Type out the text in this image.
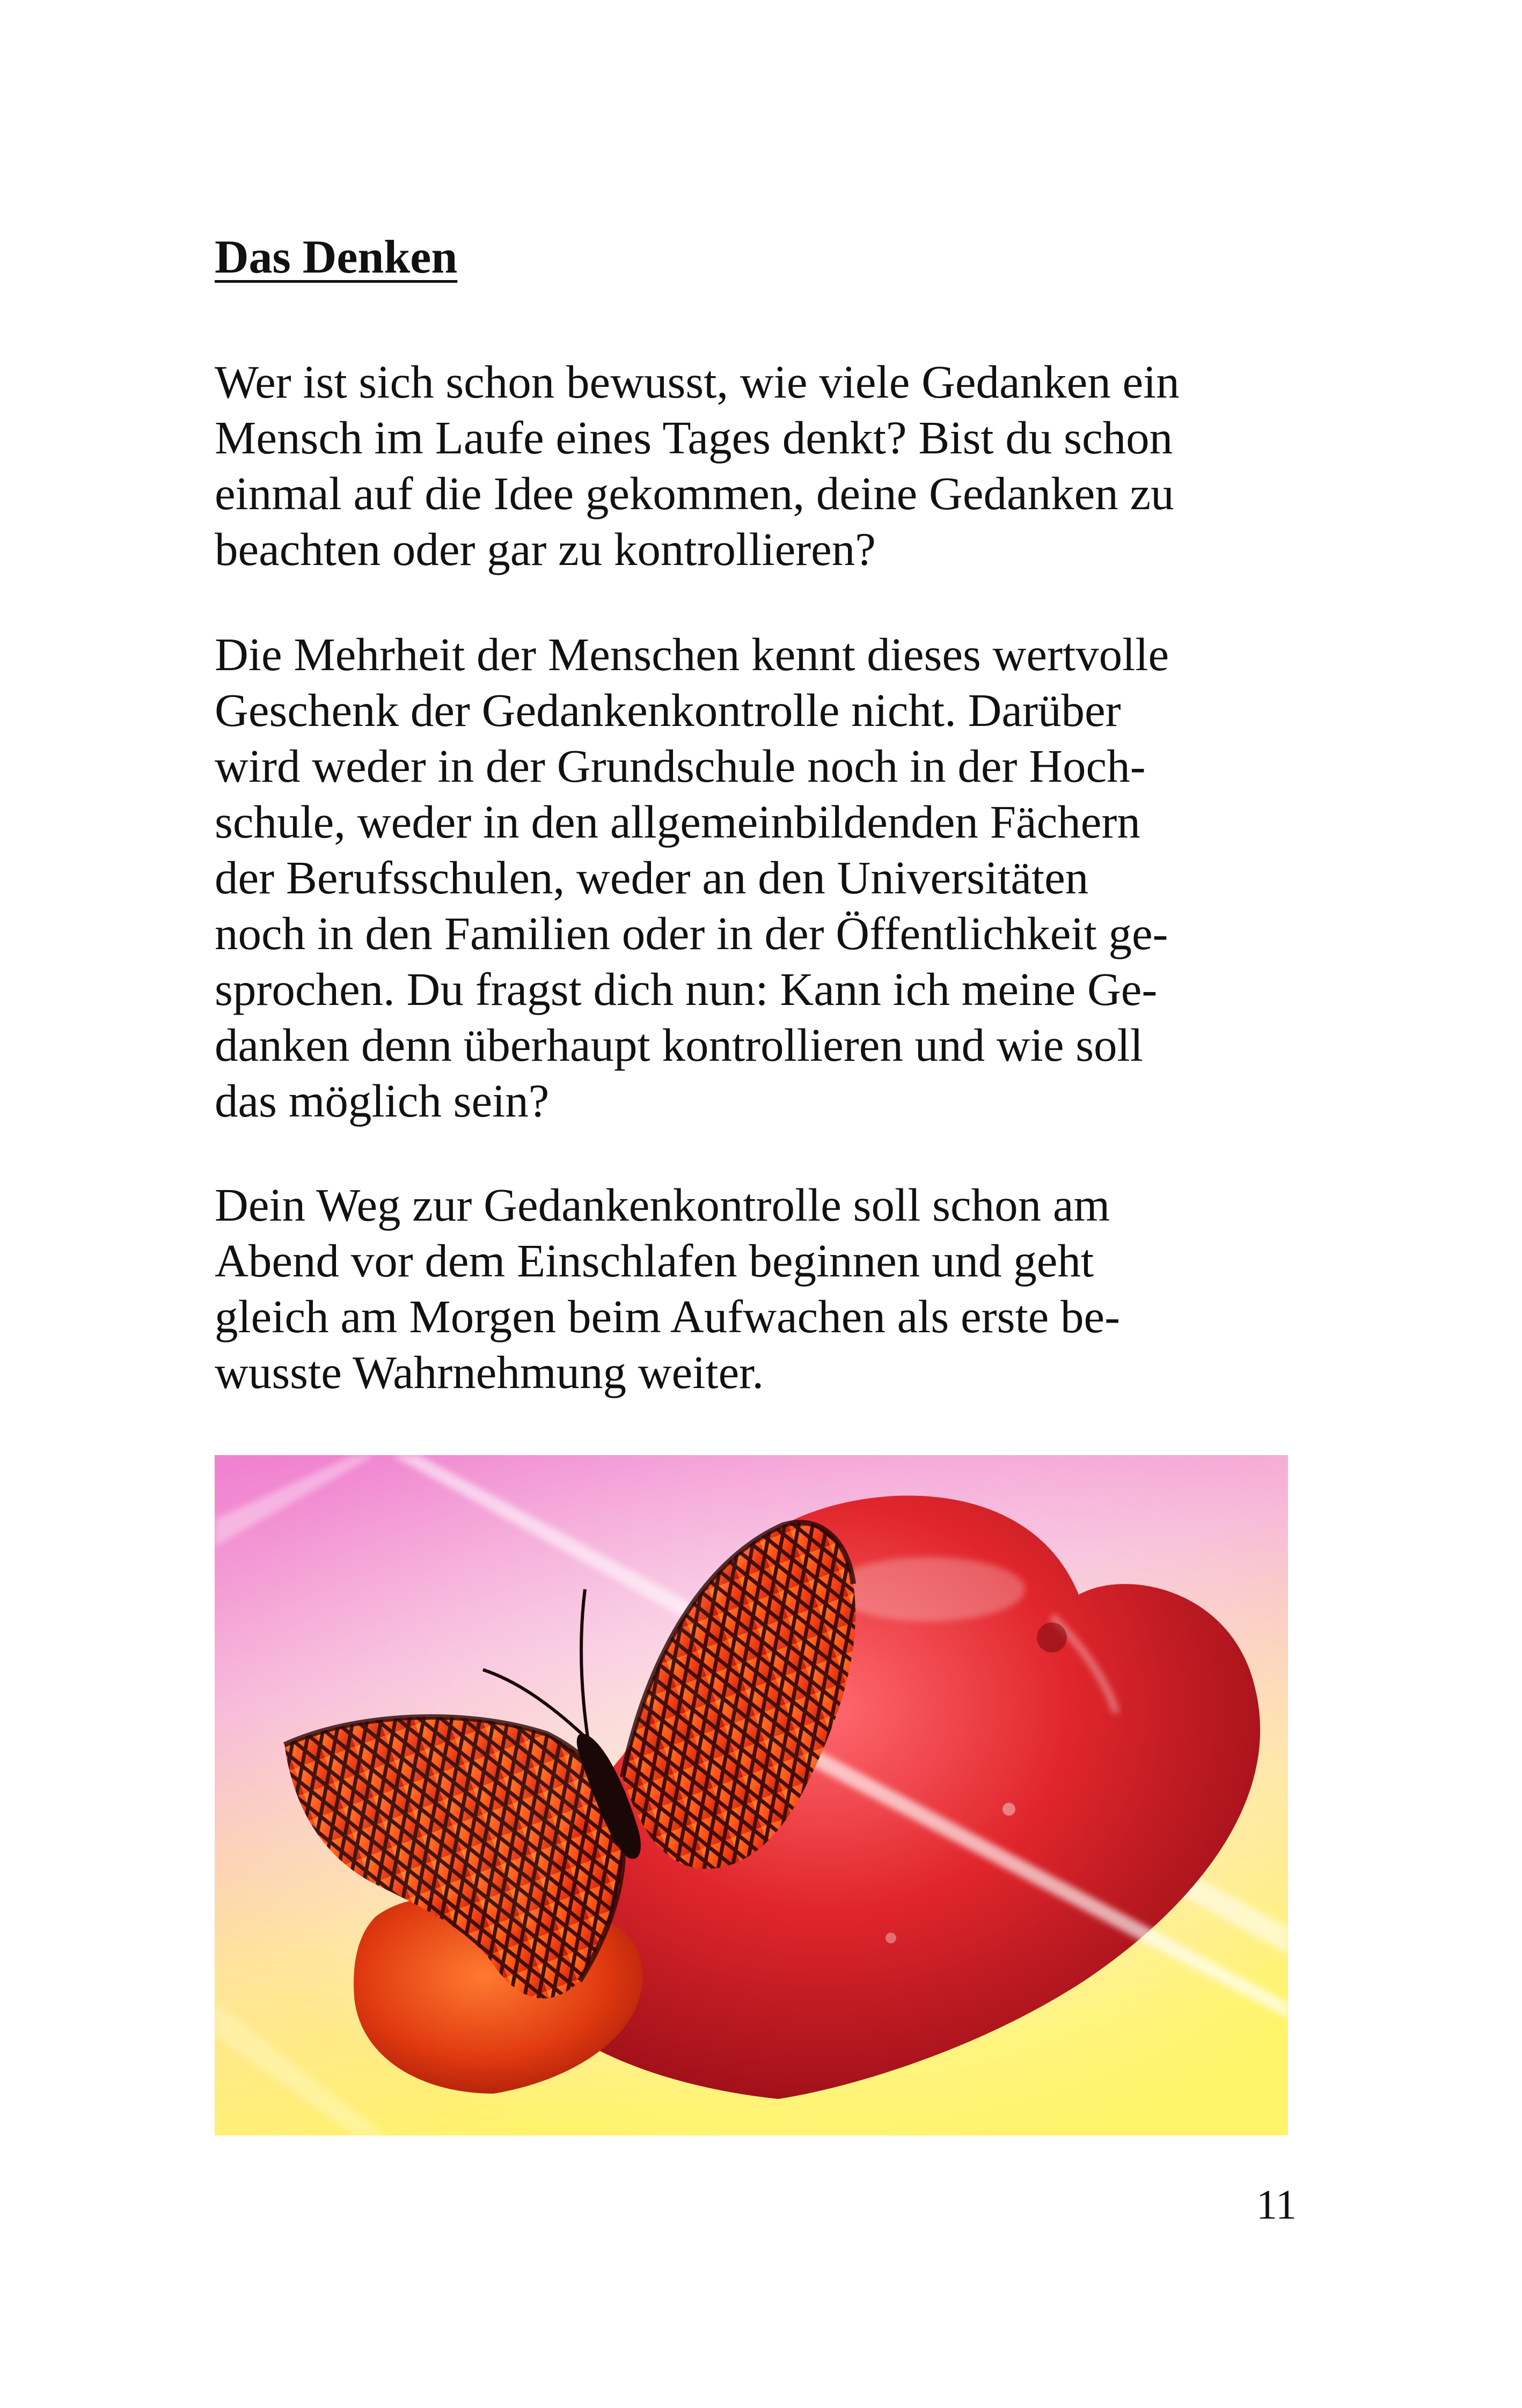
Das Denken

Wer ist sich schon bewusst, wie viele Gedanken ein
Mensch im Laufe eines Tages denkt? Bist du schon
einmal auf die Idee gekommen, deine Gedanken zu
beachten oder gar zu kontrollieren?

Die Mehrheit der Menschen kennt dieses wertvolle
Geschenk der Gedankenkontrolle nicht. Darüber
wird weder in der Grundschule noch in der Hoch-
schule, weder in den allgemeinbildenden Fächern
der Berufsschulen, weder an den Universitäten
noch in den Familien oder in der Öffentlichkeit ge-
sprochen. Du fragst dich nun: Kann ich meine Ge-
danken denn überhaupt kontrollieren und wie soll
das möglich sein?

Dein Weg zur Gedankenkontrolle soll schon am
Abend vor dem Einschlafen beginnen und geht
gleich am Morgen beim Aufwachen als erste be-
wusste Wahrnehmung weiter.

11
